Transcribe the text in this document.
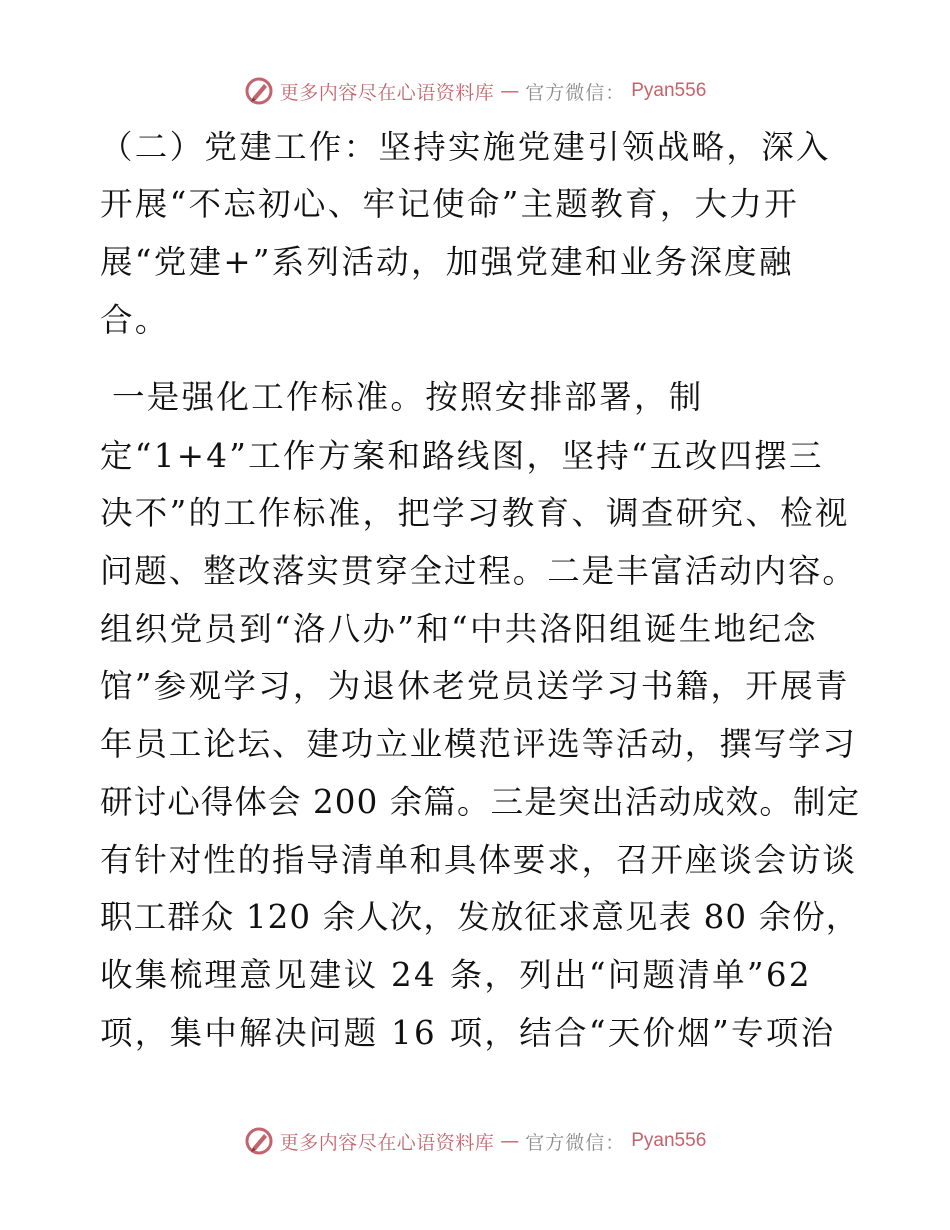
更多内容尽在心语资料库 — 官方微信： Pyan556
（二）党建工作：坚持实施党建引领战略，深入
开展“不忘初心、牢记使命”主题教育，大力开
展“党建+”系列活动，加强党建和业务深度融
合。
一是强化工作标准。按照安排部署，制
定“1+4”工作方案和路线图，坚持“五改四摆三
决不”的工作标准，把学习教育、调查研究、检视
问题、整改落实贯穿全过程。二是丰富活动内容。
组织党员到“洛八办”和“中共洛阳组诞生地纪念
馆”参观学习，为退休老党员送学习书籍，开展青
年员工论坛、建功立业模范评选等活动，撰写学习
研讨心得体会 200 余篇。三是突出活动成效。制定
有针对性的指导清单和具体要求，召开座谈会访谈
职工群众 120 余人次，发放征求意见表 80 余份，
收集梳理意见建议 24 条，列出“问题清单”62
项，集中解决问题 16 项，结合“天价烟”专项治
更多内容尽在心语资料库 — 官方微信： Pyan556
